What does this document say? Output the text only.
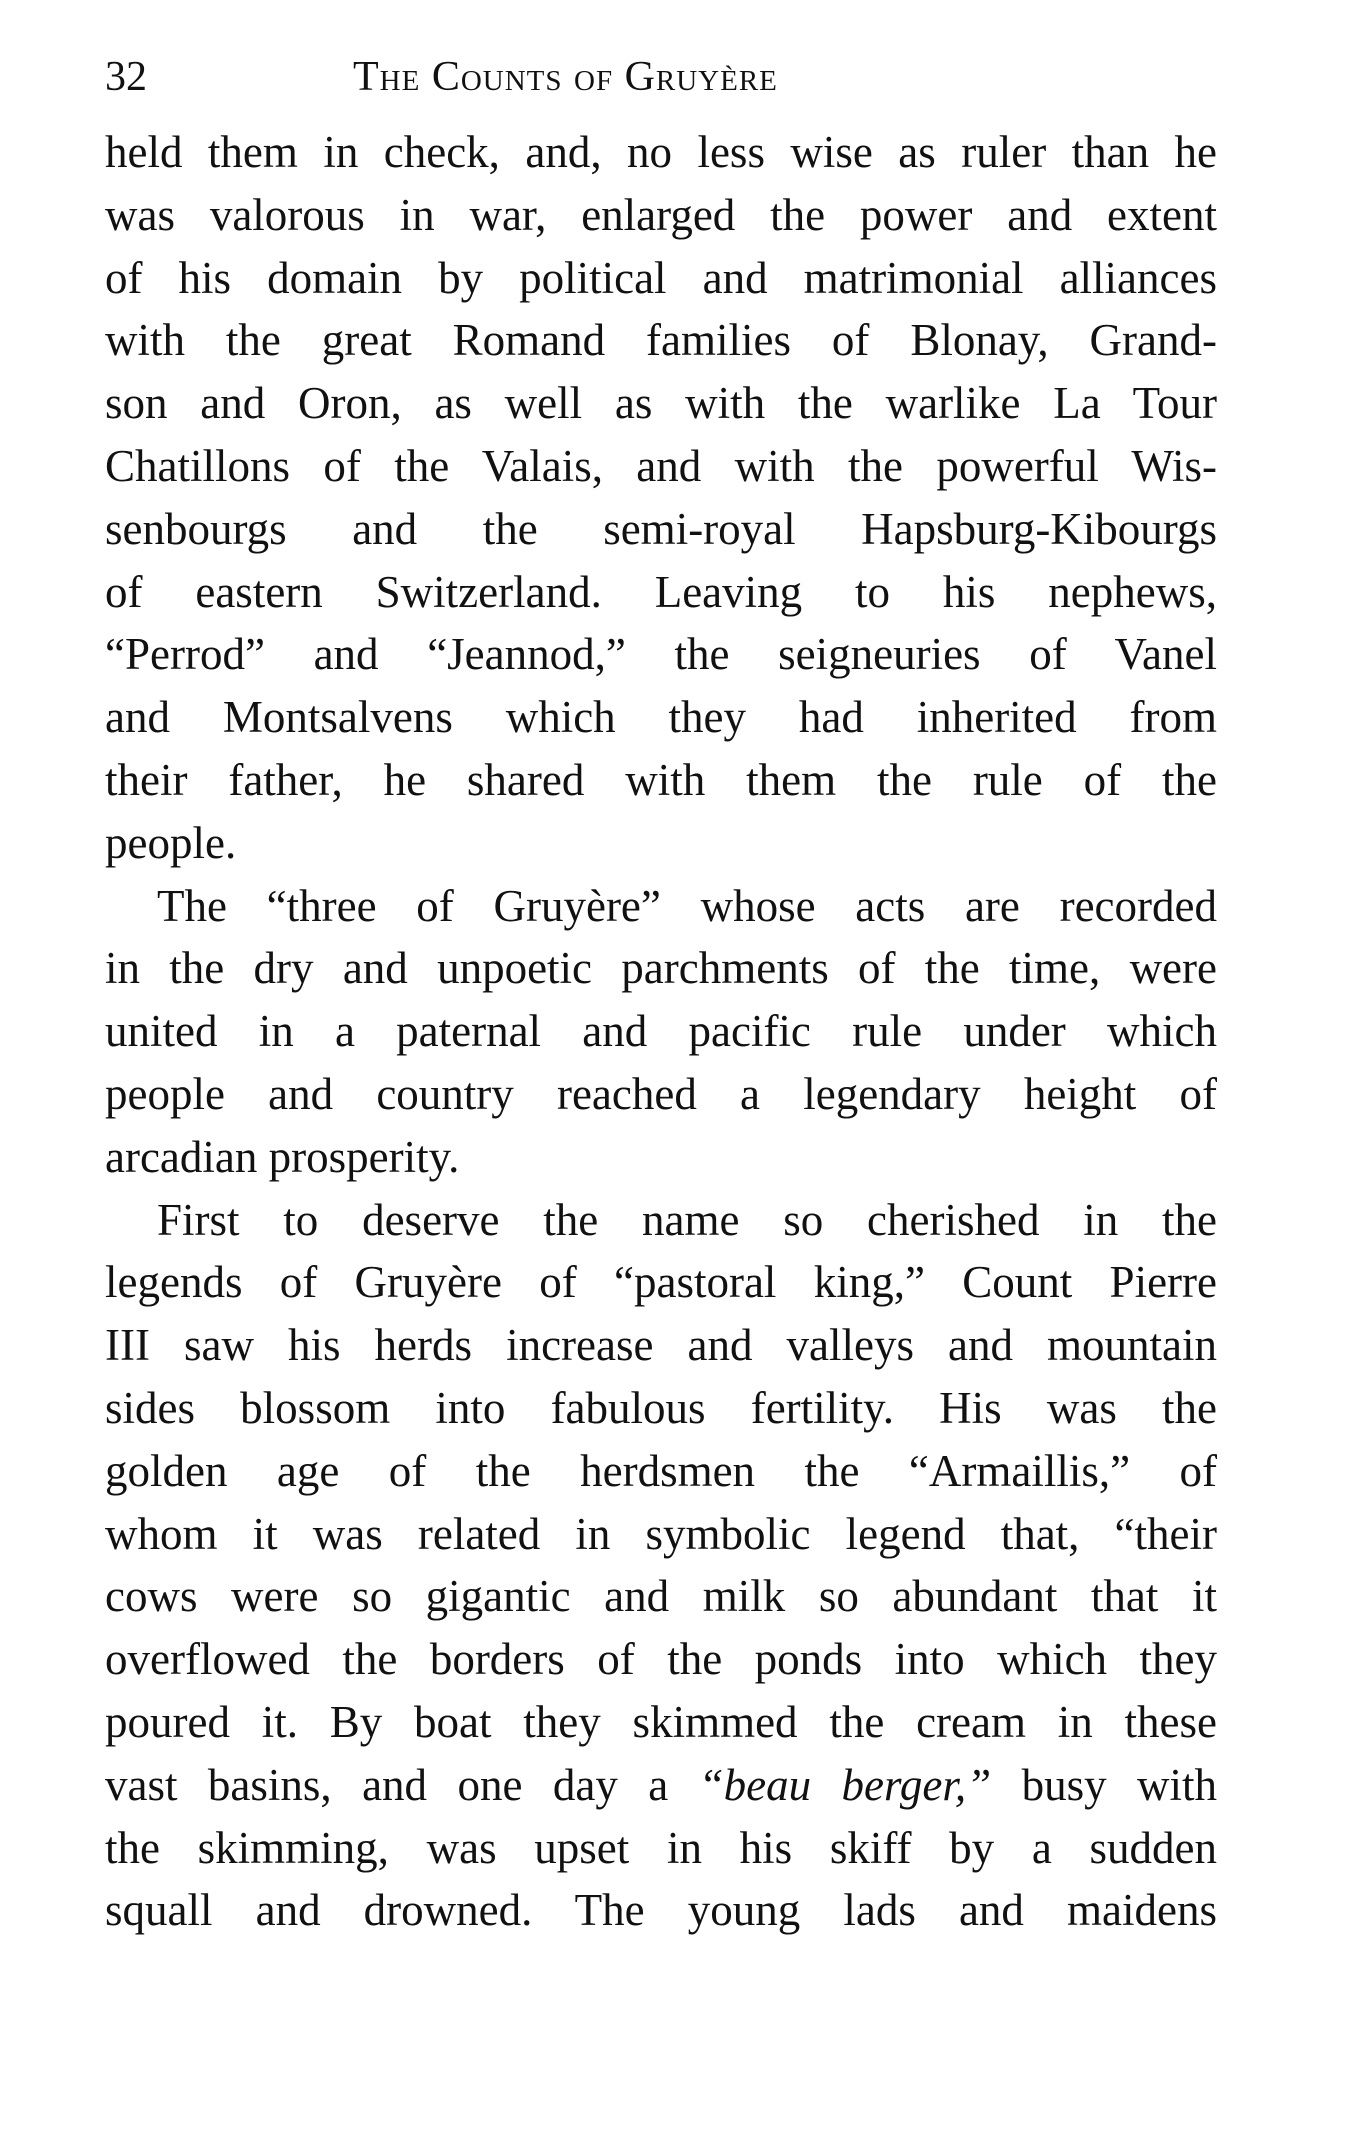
32	The Counts of Gruyère

held them in check, and, no less wise as ruler than he
was valorous in war, enlarged the power and extent
of his domain by political and matrimonial alliances
with the great Romand families of Blonay, Grand-
son and Oron, as well as with the warlike La Tour
Chatillons of the Valais, and with the powerful Wis-
senbourgs and the semi-royal Hapsburg-Kibourgs
of eastern Switzerland. Leaving to his nephews,
“Perrod” and “Jeannod,” the seigneuries of Vanel
and Montsalvens which they had inherited from
their father, he shared with them the rule of the
people.

The “three of Gruyère” whose acts are recorded
in the dry and unpoetic parchments of the time, were
united in a paternal and pacific rule under which
people and country reached a legendary height of
arcadian prosperity.

First to deserve the name so cherished in the
legends of Gruyère of “pastoral king,” Count Pierre
III saw his herds increase and valleys and mountain
sides blossom into fabulous fertility. His was the
golden age of the herdsmen the “Armaillis,” of
whom it was related in symbolic legend that, “their
cows were so gigantic and milk so abundant that it
overflowed the borders of the ponds into which they
poured it. By boat they skimmed the cream in these
vast basins, and one day a “beau berger,” busy with
the skimming, was upset in his skiff by a sudden
squall and drowned. The young lads and maidens
